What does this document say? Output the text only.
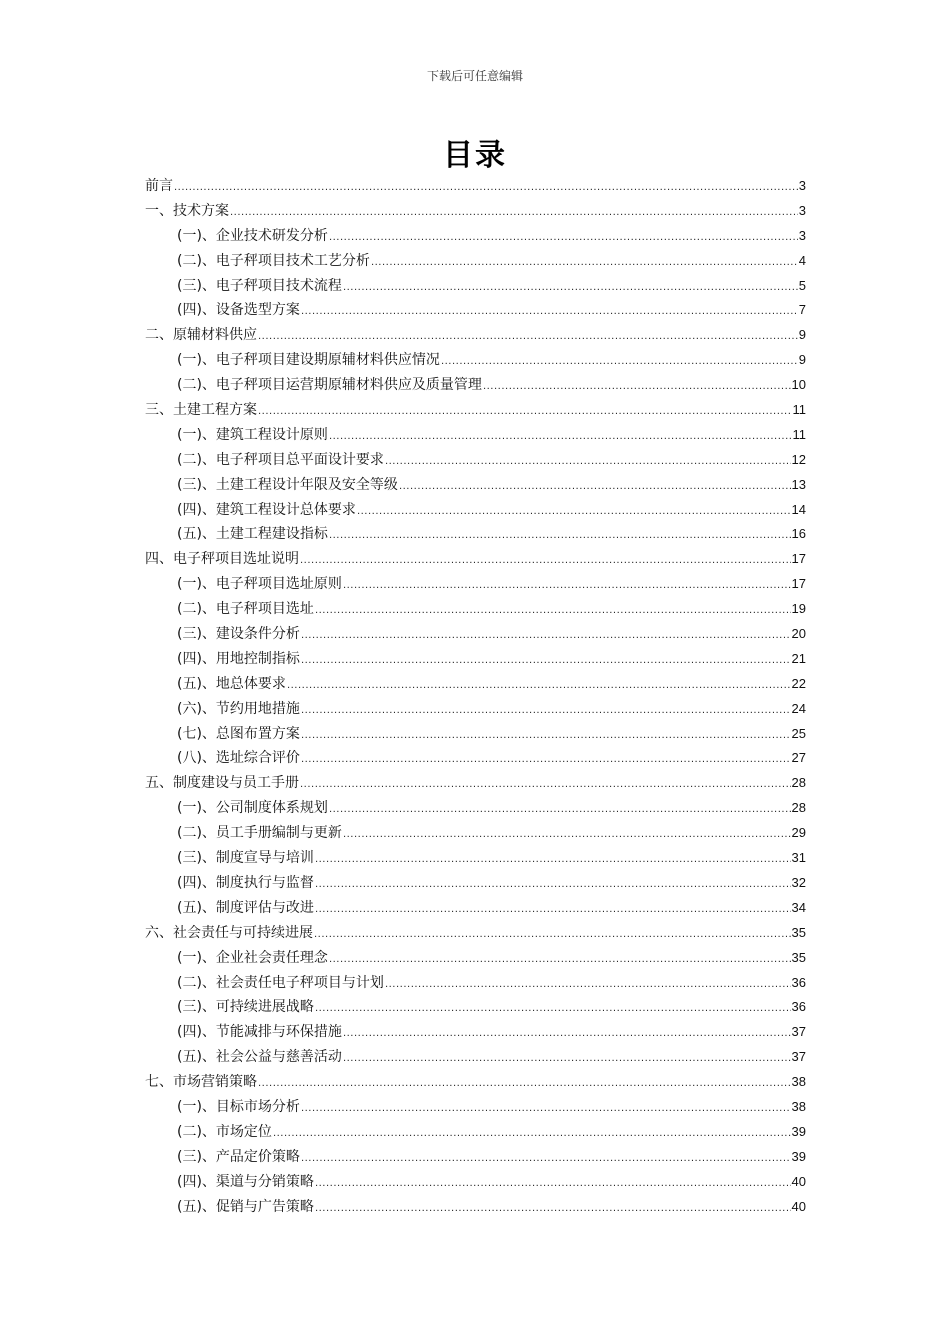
下载后可任意编辑
目录
前言 .....	3
一、技术方案 .....	3
(一)、企业技术研发分析 .....	3
(二)、电子秤项目技术工艺分析 .....	4
(三)、电子秤项目技术流程 .....	5
(四)、设备选型方案 .....	7
二、原辅材料供应 .....	9
(一)、电子秤项目建设期原辅材料供应情况 .....	9
(二)、电子秤项目运营期原辅材料供应及质量管理 .....	10
三、土建工程方案 .....	11
(一)、建筑工程设计原则 .....	11
(二)、电子秤项目总平面设计要求 .....	12
(三)、土建工程设计年限及安全等级 .....	13
(四)、建筑工程设计总体要求 .....	14
(五)、土建工程建设指标 .....	16
四、电子秤项目选址说明 .....	17
(一)、电子秤项目选址原则 .....	17
(二)、电子秤项目选址 .....	19
(三)、建设条件分析 .....	20
(四)、用地控制指标 .....	21
(五)、地总体要求 .....	22
(六)、节约用地措施 .....	24
(七)、总图布置方案 .....	25
(八)、选址综合评价 .....	27
五、制度建设与员工手册 .....	28
(一)、公司制度体系规划 .....	28
(二)、员工手册编制与更新 .....	29
(三)、制度宣导与培训 .....	31
(四)、制度执行与监督 .....	32
(五)、制度评估与改进 .....	34
六、社会责任与可持续进展 .....	35
(一)、企业社会责任理念 .....	35
(二)、社会责任电子秤项目与计划 .....	36
(三)、可持续进展战略 .....	36
(四)、节能减排与环保措施 .....	37
(五)、社会公益与慈善活动 .....	37
七、市场营销策略 .....	38
(一)、目标市场分析 .....	38
(二)、市场定位 .....	39
(三)、产品定价策略 .....	39
(四)、渠道与分销策略 .....	40
(五)、促销与广告策略 .....	40
